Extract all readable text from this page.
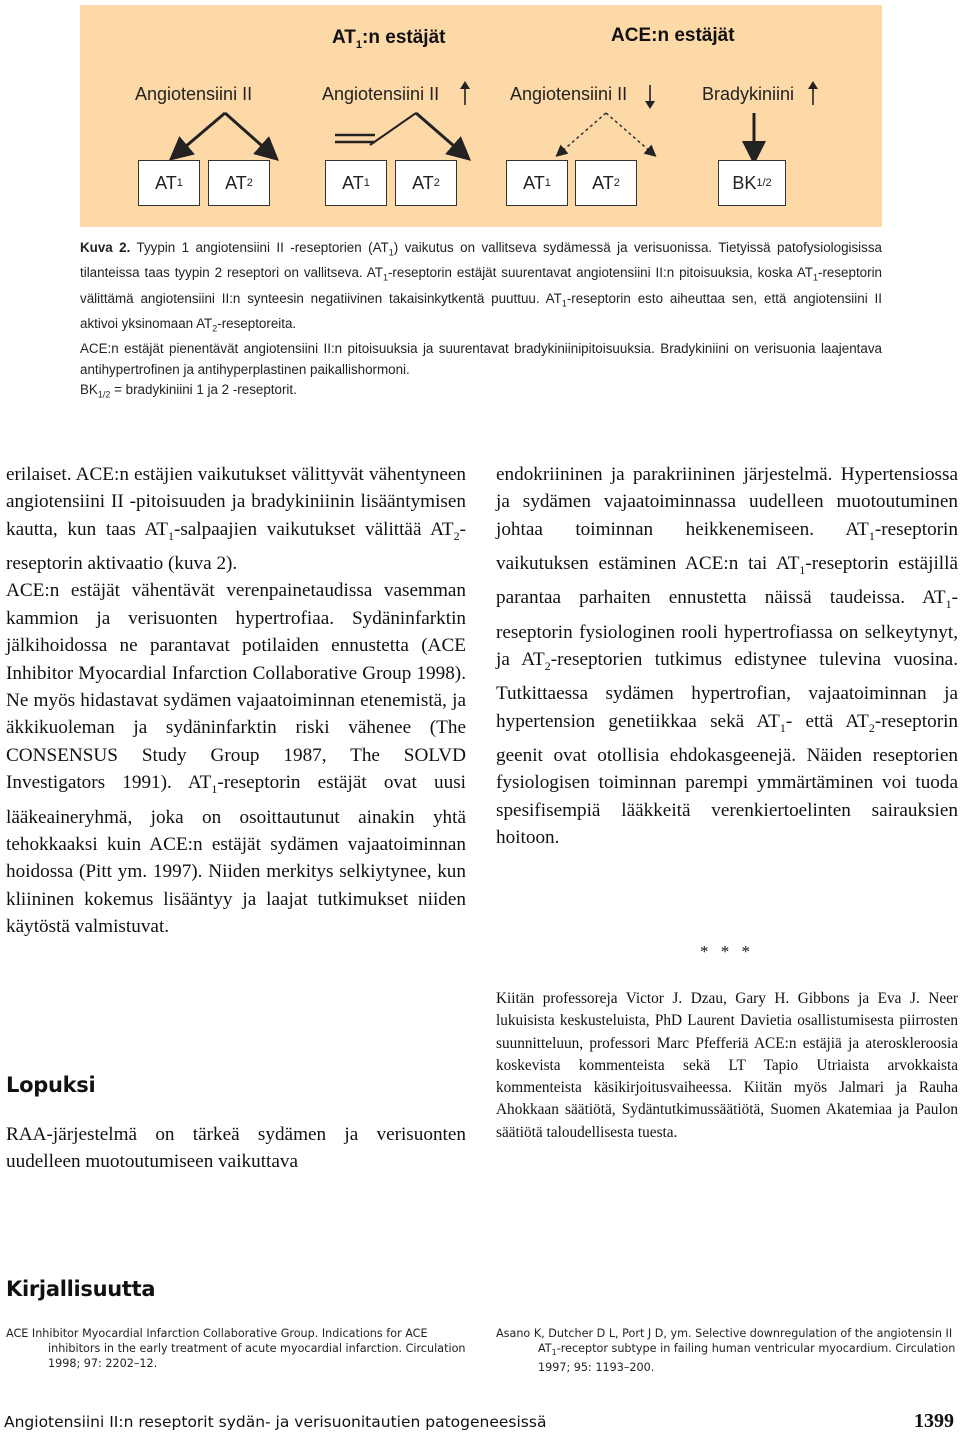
$AT_1:n$ estäjät	ACE:n estäjät
Angiotensiini II	Angiotensiini II	Angiotensiini II	Bradykiniini
AT 1 AT 2	AT 1 AT 2	AT 1 AT 2	BK 1/2
Kuva 2. Tyypin 1 angiotensiini II -reseptorien $(AT_1)$ vaikutus on vallitseva sydämessä ja verisuonissa. Tietyissä patofysiologisissa tilanteissa taas tyypin 2 reseptori on vallitseva. $AT_1$-reseptorin estäjät suurentavat angiotensiini II:n pitoisuuksia, koska $AT_1$-reseptorin välittämä angiotensiini II:n synteesin negatiivinen takaisinkytkentä puuttuu. $AT_1$-reseptorin esto aiheuttaa sen, että angiotensiini II aktivoi yksinomaan $AT_2$-reseptoreita.
ACE:n estäjät pienentävät angiotensiini II:n pitoisuuksia ja suurentavat bradykiniinipitoisuuksia. Bradykiniini on verisuonia laajentava antihypertrofinen ja antihyperplastinen paikallishormoni.
$BK_{1/2}$ = bradykiniini 1 ja 2 -reseptorit.

erilaiset. ACE:n estäjien vaikutukset välittyvät vähentyneen angiotensiini II -pitoisuuden ja bradykiniinin lisääntymisen kautta, kun taas $AT_1$-salpaajien vaikutukset välittää $AT_2$-reseptorin aktivaatio (kuva 2).

ACE:n estäjät vähentävät verenpainetaudissa vasemman kammion ja verisuonten hypertrofiaa. Sydäninfarktin jälkihoidossa ne parantavat potilaiden ennustetta (ACE Inhibitor Myocardial Infarction Collaborative Group 1998). Ne myös hidastavat sydämen vajaatoiminnan etenemistä, ja äkkikuoleman ja sydäninfarktin riski vähenee (The CONSENSUS Study Group 1987, The SOLVD Investigators 1991). $AT_1$-reseptorin estäjät ovat uusi lääkeaineryhmä, joka on osoittautunut ainakin yhtä tehokkaaksi kuin ACE:n estäjät sydämen vajaatoiminnan hoidossa (Pitt ym. 1997). Niiden merkitys selkiytynee, kun kliininen kokemus lisääntyy ja laajat tutkimukset niiden käytöstä valmistuvat.

Lopuksi

RAA-järjestelmä on tärkeä sydämen ja verisuonten uudelleen muotoutumiseen vaikuttava

endokriininen ja parakriininen järjestelmä. Hypertensiossa ja sydämen vajaatoiminnassa uudelleen muotoutuminen johtaa toiminnan heikkenemiseen. $AT_1$-reseptorin vaikutuksen estäminen ACE:n tai $AT_1$-reseptorin estäjillä parantaa parhaiten ennustetta näissä taudeissa. $AT_1$-reseptorin fysiologinen rooli hypertrofiassa on selkeytynyt, ja $AT_2$-reseptorien tutkimus edistynee tulevina vuosina. Tutkittaessa sydämen hypertrofian, vajaatoiminnan ja hypertension genetiikkaa sekä $AT_1-$ että $AT_2$-reseptorin geenit ovat otollisia ehdokasgeenejä. Näiden reseptorien fysiologisen toiminnan parempi ymmärtäminen voi tuoda spesifisempiä lääkkeitä verenkiertoelinten sairauksien hoitoon.

* * *
Kiitän professoreja Victor J. Dzau, Gary H. Gibbons ja Eva J. Neer lukuisista keskusteluista, PhD Laurent Davietia osallistumisesta piirrosten suunnitteluun, professori Marc Pfefferiä ACE:n estäjiä ja ateroskleroosia koskevista kommenteista sekä LT Tapio Utriaista arvokkaista kommenteista käsikirjoitusvaiheessa. Kiitän myös Jalmari ja Rauha Ahokkaan säätiötä, Sydäntutkimussäätiötä, Suomen Akatemiaa ja Paulon säätiötä taloudellisesta tuesta.
Kirjallisuutta
ACE Inhibitor Myocardial Infarction Collaborative Group. Indications for ACE inhibitors in the early treatment of acute myocardial infarction. Circulation 1998; 97: 2202–12.
Asano K, Dutcher D L, Port J D, ym. Selective downregulation of the angiotensin II $AT_1$-receptor subtype in failing human ventricular myocardium. Circulation 1997; 95: 1193–200.
Angiotensiini II:n reseptorit sydän- ja verisuonitautien patogeneesissä	1399
